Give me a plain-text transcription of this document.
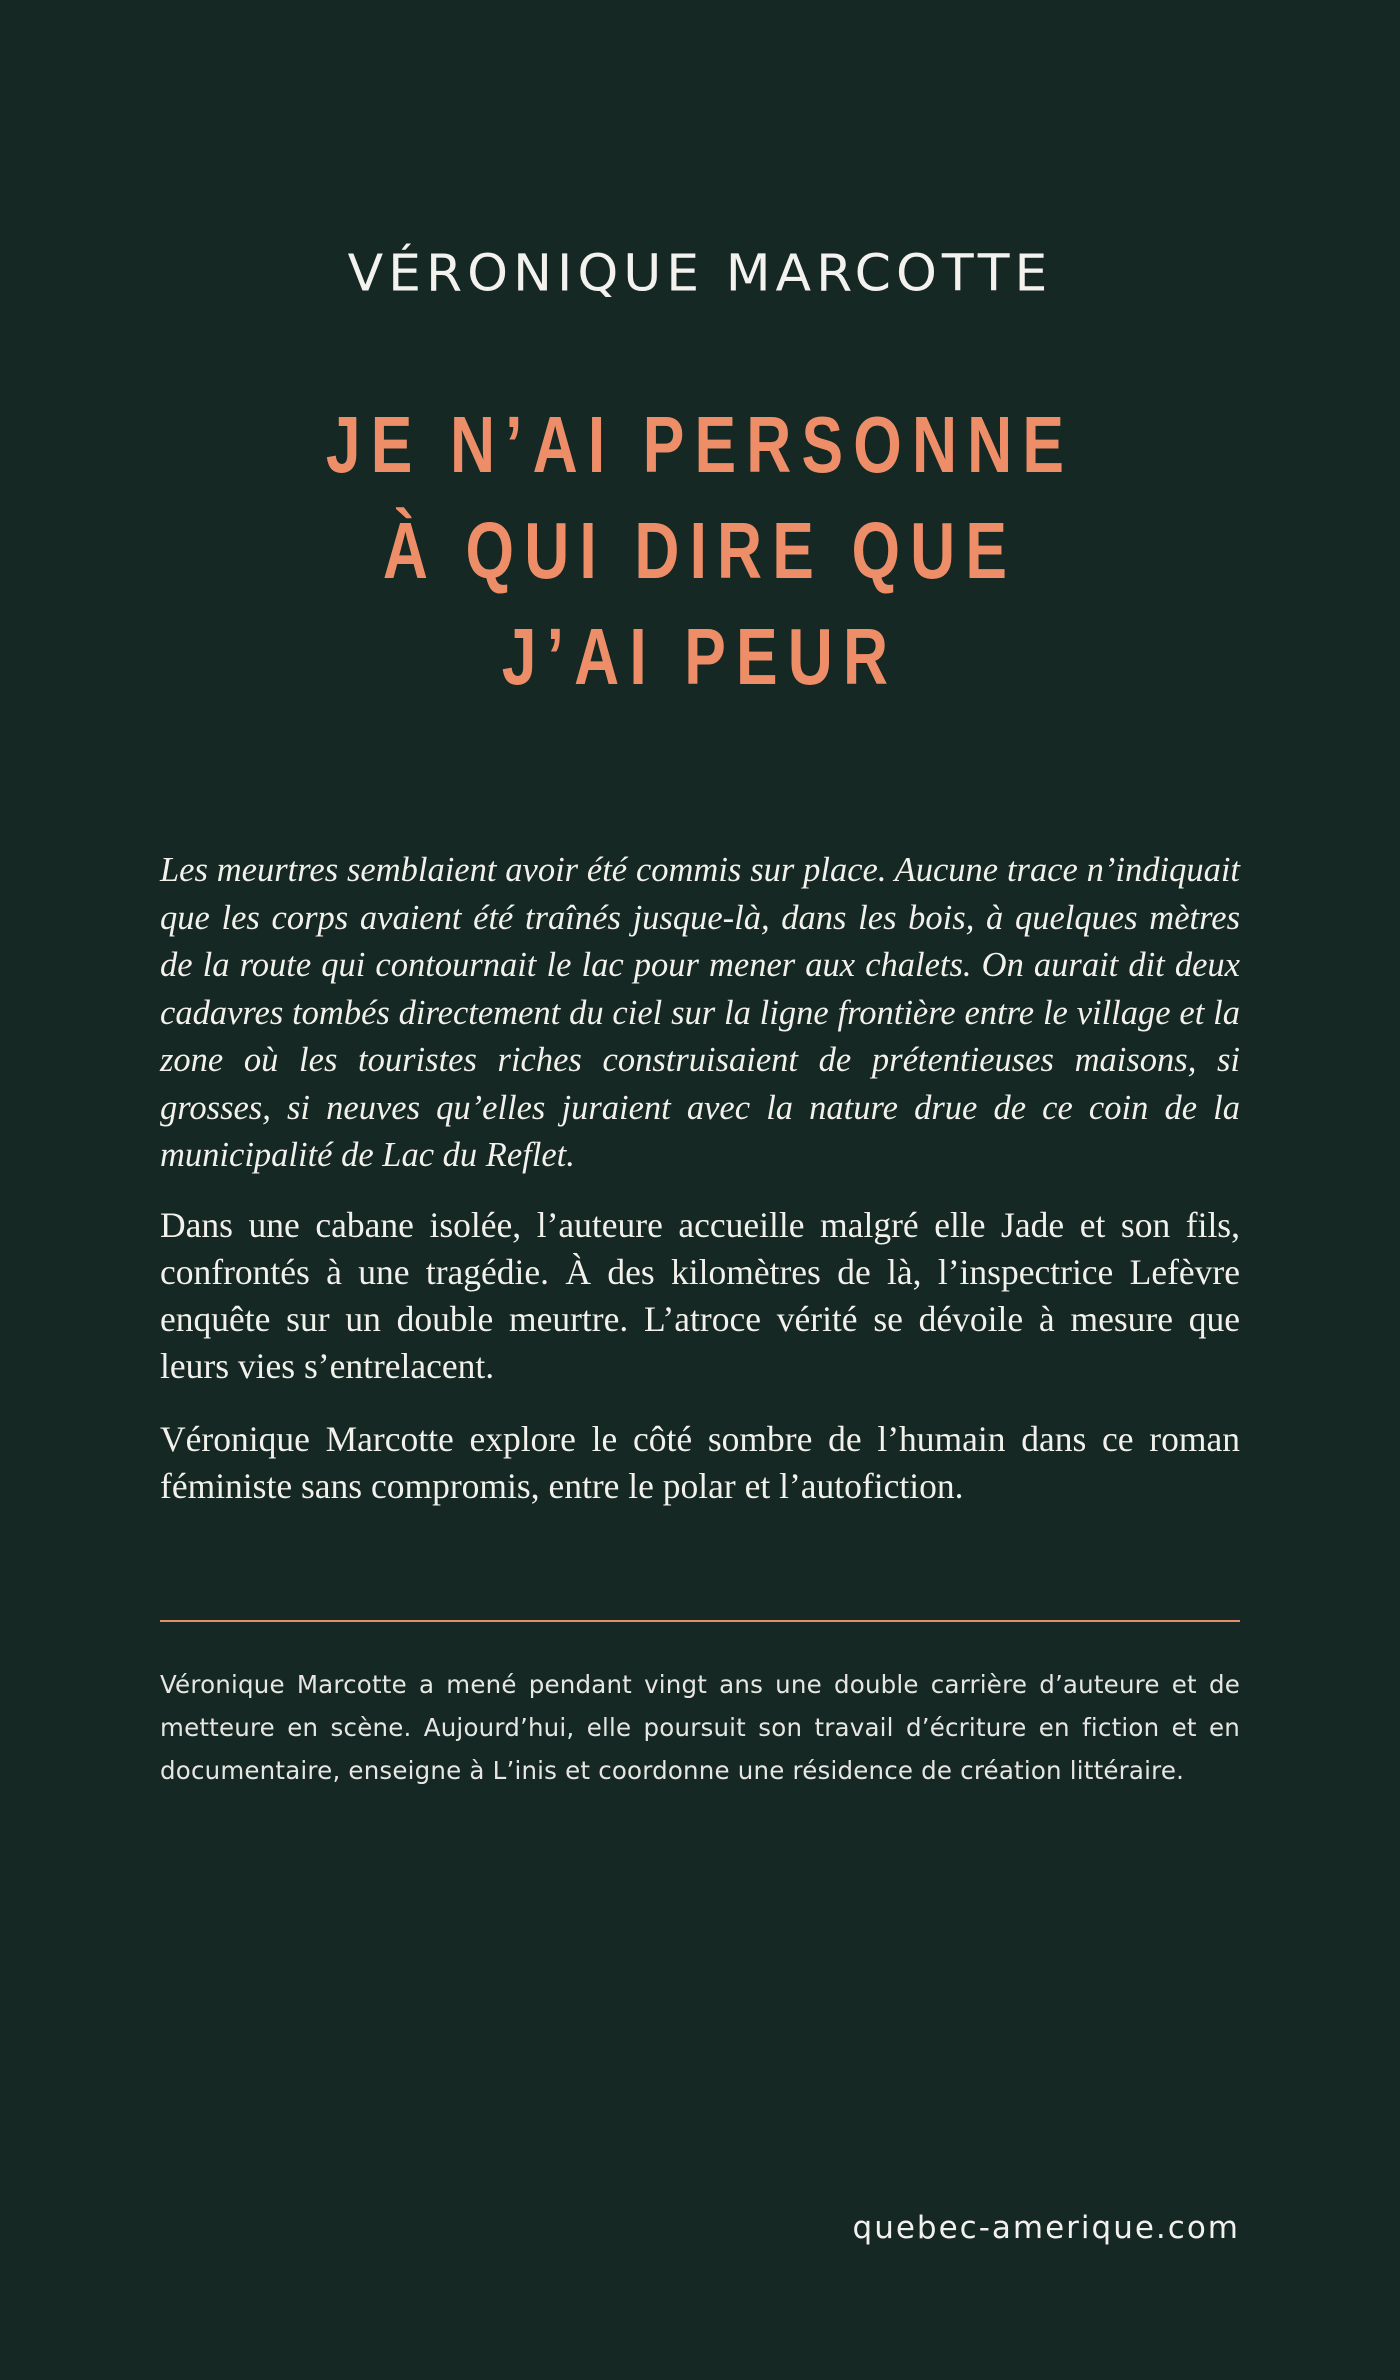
VÉRONIQUE MARCOTTE
JE N’AI PERSONNE
À QUI DIRE QUE
J’AI PEUR

Les meurtres semblaient avoir été commis sur place. Aucune trace n’indiquait que les corps avaient été traînés jusque-là, dans les bois, à quelques mètres de la route qui contournait le lac pour mener aux chalets. On aurait dit deux cadavres tombés directement du ciel sur la ligne frontière entre le village et la zone où les touristes riches construisaient de prétentieuses maisons, si grosses, si neuves qu’elles juraient avec la nature drue de ce coin de la municipalité de Lac du Reflet.

Dans une cabane isolée, l’auteure accueille malgré elle Jade et son fils, confrontés à une tragédie. À des kilomètres de là, l’inspectrice Lefèvre enquête sur un double meurtre. L’atroce vérité se dévoile à mesure que leurs vies s’entrelacent.

Véronique Marcotte explore le côté sombre de l’humain dans ce roman féministe sans compromis, entre le polar et l’autofiction.

Véronique Marcotte a mené pendant vingt ans une double carrière d’auteure et de metteure en scène. Aujourd’hui, elle poursuit son travail d’écriture en fiction et en documentaire, enseigne à L’inis et coordonne une résidence de création littéraire.

quebec-amerique.com
